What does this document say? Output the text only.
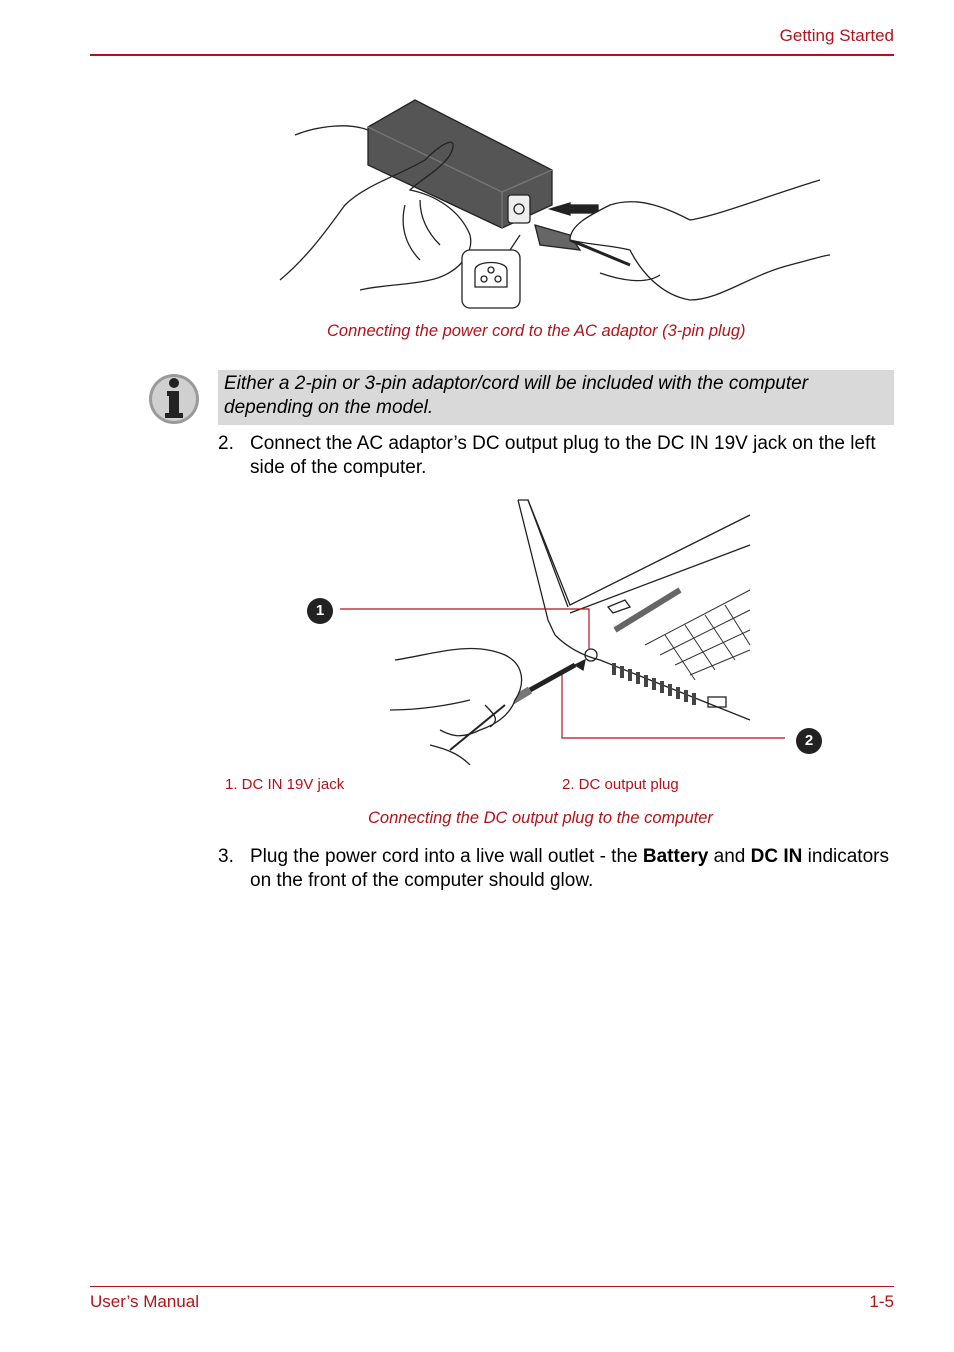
Getting Started
Connecting the power cord to the AC adaptor (3-pin plug)
Either a 2-pin or 3-pin adaptor/cord will be included with the computer depending on the model.
2. Connect the AC adaptor’s DC output plug to the DC IN 19V jack on the left side of the computer.
1
2
1. DC IN 19V jack	2. DC output plug
Connecting the DC output plug to the computer
3. Plug the power cord into a live wall outlet - the Battery and DC IN indicators on the front of the computer should glow.
User’s Manual	1-5
